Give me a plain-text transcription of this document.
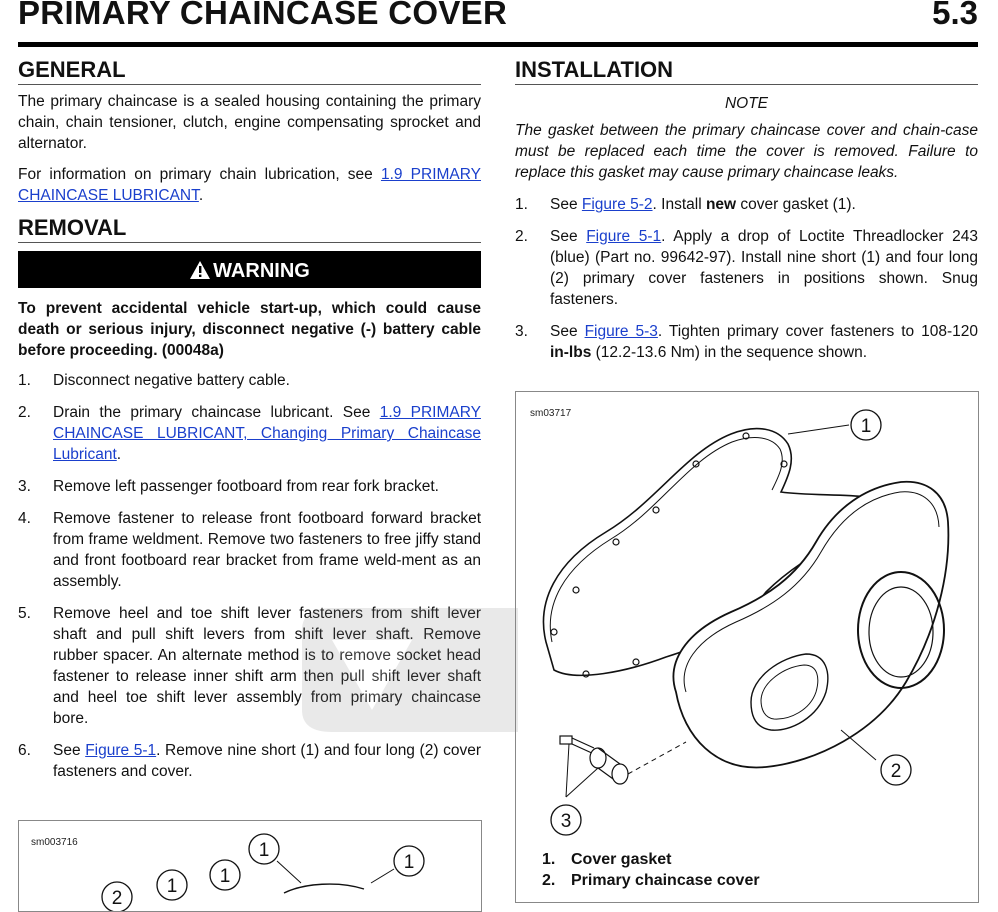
PRIMARY CHAINCASE COVER	5.3
GENERAL

The primary chaincase is a sealed housing containing the primary chain, chain tensioner, clutch, engine compensating sprocket and alternator.

For information on primary chain lubrication, see 1.9 PRIMARY CHAINCASE LUBRICANT.

REMOVAL
WARNING

To prevent accidental vehicle start-up, which could cause death or serious injury, disconnect negative (-) battery cable before proceeding. (00048a)

1. Disconnect negative battery cable.
2. Drain the primary chaincase lubricant. See 1.9 PRIMARY CHAINCASE LUBRICANT, Changing Primary Chaincase Lubricant.
3. Remove left passenger footboard from rear fork bracket.
4. Remove fastener to release front footboard forward bracket from frame weldment. Remove two fasteners to free jiffy stand and front footboard rear bracket from frame weld-ment as an assembly.
5. Remove heel and toe shift lever fasteners from shift lever shaft and pull shift levers from shift lever shaft. Remove rubber spacer. An alternate method is to remove socket head fastener to release inner shift arm then pull shift lever shaft and heel toe shift lever assembly from primary chaincase bore.
6. See Figure 5-1. Remove nine short (1) and four long (2) cover fasteners and cover.
INSTALLATION
NOTE

The gasket between the primary chaincase cover and chain-case must be replaced each time the cover is removed. Failure to replace this gasket may cause primary chaincase leaks.

1. See Figure 5-2. Install new cover gasket (1).
2. See Figure 5-1. Apply a drop of Loctite Threadlocker 243 (blue) (Part no. 99642-97). Install nine short (1) and four long (2) primary cover fasteners in positions shown. Snug fasteners.
3. See Figure 5-3. Tighten primary cover fasteners to 108-120 in-lbs (12.2-13.6 Nm) in the sequence shown.
sm03717
1
2
3
1. Cover gasket
2. Primary chaincase cover
sm003716	1
1
1
1
2
